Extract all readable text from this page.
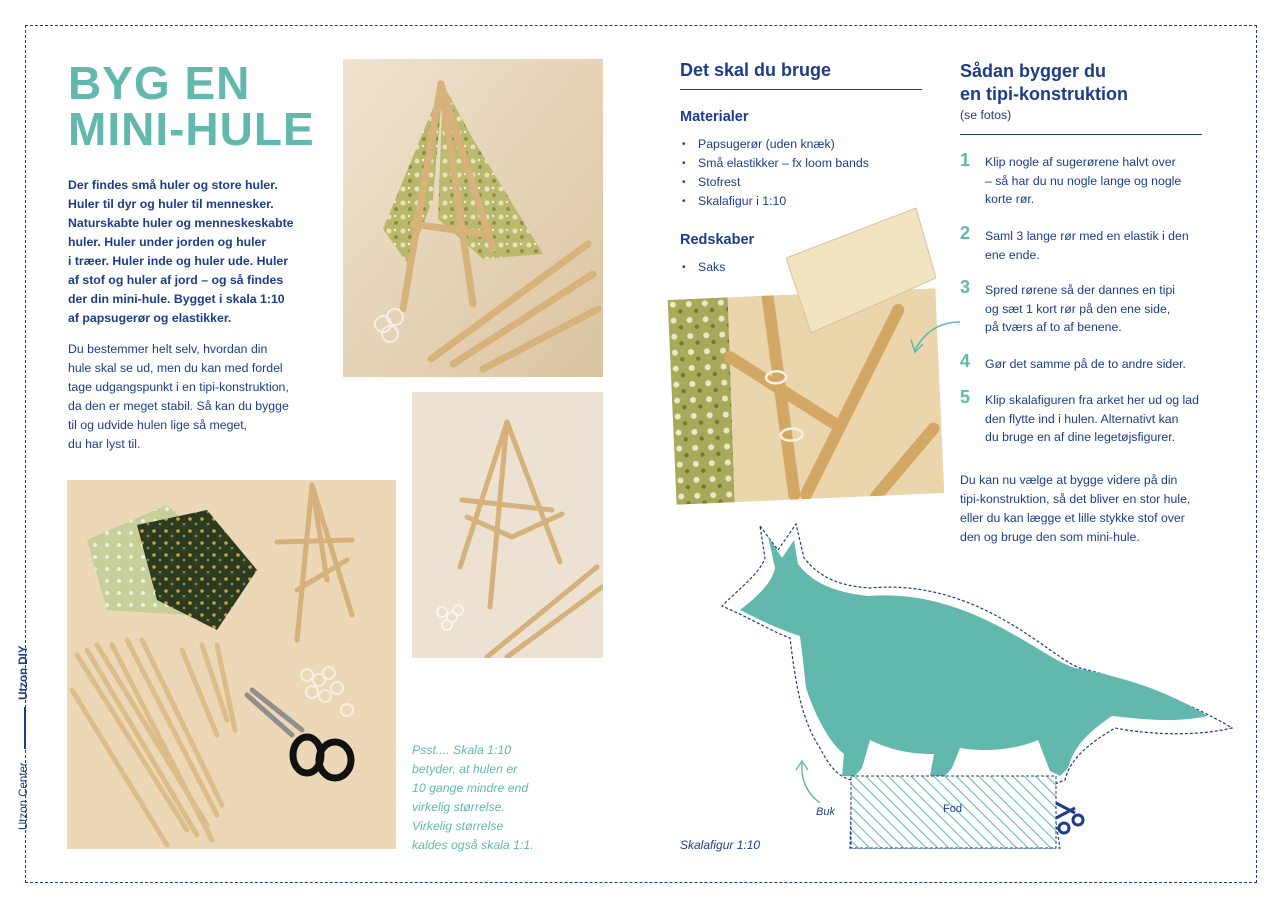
BYG EN
MINI-HULE
Der findes små huler og store huler.
Huler til dyr og huler til mennesker.
Naturskabte huler og menneskeskabte
huler. Huler under jorden og huler
i træer. Huler inde og huler ude. Huler
af stof og huler af jord – og så findes
der din mini-hule. Bygget i skala 1:10
af papsugerør og elastikker.
Du bestemmer helt selv, hvordan din
hule skal se ud, men du kan med fordel
tage udgangspunkt i en tipi-konstruktion,
da den er meget stabil. Så kan du bygge
til og udvide hulen lige så meget,
du har lyst til.
Utzon Center  Utzon DIY
Psst.... Skala 1:10
betyder, at hulen er
10 gange mindre end
virkelig størrelse.
Virkelig størrelse
kaldes også skala 1:1.
Det skal du bruge
Materialer
• Papsugerør (uden knæk)
• Små elastikker – fx loom bands
• Stofrest
• Skalafigur i 1:10
Redskaber
• Saks
Sådan bygger du
en tipi-konstruktion
(se fotos)
1 Klip nogle af sugerørene halvt over
– så har du nu nogle lange og nogle
korte rør.
2 Saml 3 lange rør med en elastik i den
ene ende.
3 Spred rørene så der dannes en tipi
og sæt 1 kort rør på den ene side,
på tværs af to af benene.
4 Gør det samme på de to andre sider.
5 Klip skalafiguren fra arket her ud og lad
den flytte ind i hulen. Alternativt kan
du bruge en af dine legetøjsfigurer.
Du kan nu vælge at bygge videre på din
tipi-konstruktion, så det bliver en stor hule,
eller du kan lægge et lille stykke stof over
den og bruge den som mini-hule.
Buk	Fod
Skalafigur 1:10
